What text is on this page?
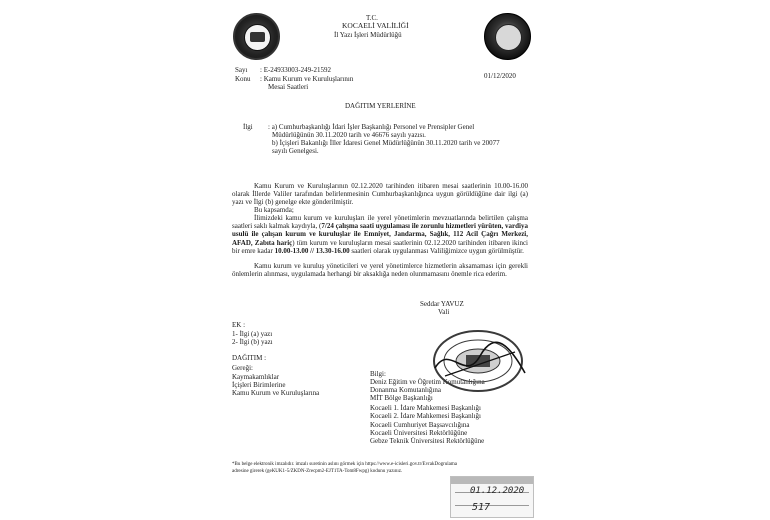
T.C.
KOCAELİ VALİLİĞİ
İl Yazı İşleri Müdürlüğü
Sayı : E-24933003-249-21592
Konu : Kamu Kurum ve Kuruluşlarının
Mesai Saatleri
01/12/2020
DAĞITIM YERLERİNE
İlgi : a) Cumhurbaşkanlığı İdari İşler Başkanlığı Personel ve Prensipler Genel
Müdürlüğünün 30.11.2020 tarih ve 46676 sayılı yazısı.
b) İçişleri Bakanlığı İller İdaresi Genel Müdürlüğünün 30.11.2020 tarih ve 20077
sayılı Genelgesi.
Kamu Kurum ve Kuruluşlarının 02.12.2020 tarihinden itibaren mesai saatlerinin 10.00-16.00 olarak İllerde Valiler tarafından belirlenmesinin Cumhurbaşkanlığınca uygun görüldüğüne dair ilgi (a) yazı ve İlgi (b) genelge ekte gönderilmiştir.
Bu kapsamda;
İlimizdeki kamu kurum ve kuruluşları ile yerel yönetimlerin mevzuatlarında belirtilen çalışma saatleri saklı kalmak kaydıyla, (7/24 çalışma saati uygulaması ile zorunlu hizmetleri yürüten, vardiya usulü ile çalışan kurum ve kuruluşlar ile Emniyet, Jandarma, Sağlık, 112 Acil Çağrı Merkezi, AFAD, Zabıta hariç) tüm kurum ve kuruluşların mesai saatlerinin 02.12.2020 tarihinden itibaren ikinci bir emre kadar 10.00-13.00 // 13.30-16.00 saatleri olarak uygulanması Valiliğimizce uygun görülmüştür.
Kamu kurum ve kuruluş yöneticileri ve yerel yönetimlerce hizmetlerin aksamaması için gerekli önlemlerin alınması, uygulamada herhangi bir aksaklığa neden olunmamasını önemle rica ederim.
Seddar YAVUZ
Vali
EK :
1- İlgi (a) yazı
2- İlgi (b) yazı
DAĞITIM :
Gereği:
Kaymakamlıklar
İçişleri Birimlerine
Kamu Kurum ve Kuruluşlarına
Bilgi:
Deniz Eğitim ve Öğretim Komutanlığına
Donanma Komutanlığına
MİT Bölge Başkanlığı
Kocaeli 1. İdare Mahkemesi Başkanlığı
Kocaeli 2. İdare Mahkemesi Başkanlığı
Kocaeli Cumhuriyet Başsavcılığına
Kocaeli Üniversitesi Rektörlüğüne
Gebze Teknik Üniversitesi Rektörlüğüne
*Bu belge elektronik imzalıdır. imzalı suretinin aslını görmek için https://www.e-icisleri.gov.tr/EvrakDogrulama
adresine girerek (geKUK1-5/ZKDN-Zrecpm2-EJT1TA-Tom8Fwpg) kodunu yazınız.
01.12.2020
517
